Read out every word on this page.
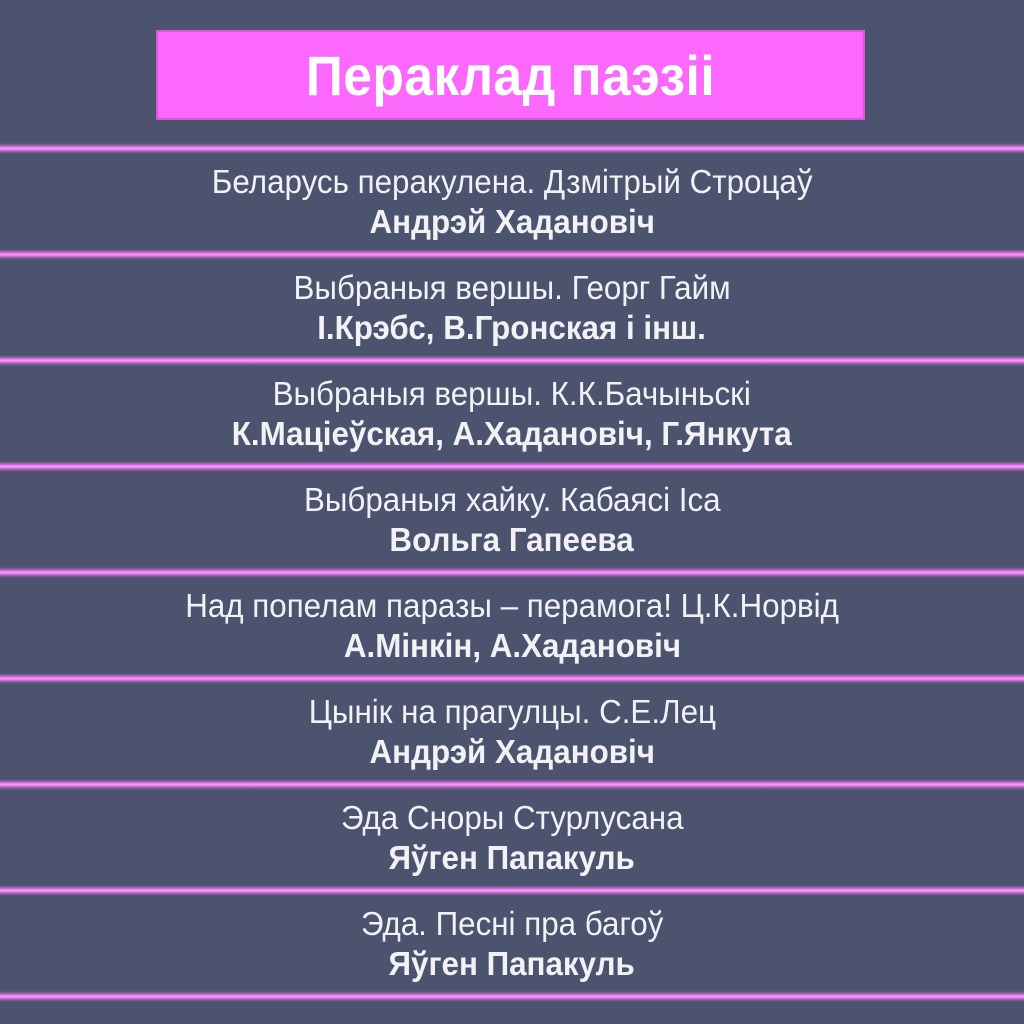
Пераклад паэзіі
Беларусь перакулена. Дзмітрый Строцаў
Андрэй Хадановіч
Выбраныя вершы. Георг Гайм
І.Крэбс, В.Гронская і інш.
Выбраныя вершы. К.К.Бачыньскі
К.Маціеўская, А.Хадановіч, Г.Янкута
Выбраныя хайку. Кабаясі Іса
Вольга Гапеева
Над попелам паразы – перамога! Ц.К.Норвід
А.Мінкін, А.Хадановіч
Цынік на прагулцы. С.Е.Лец
Андрэй Хадановіч
Эда Сноры Стурлусана
Яўген Папакуль
Эда. Песні пра багоў
Яўген Папакуль
